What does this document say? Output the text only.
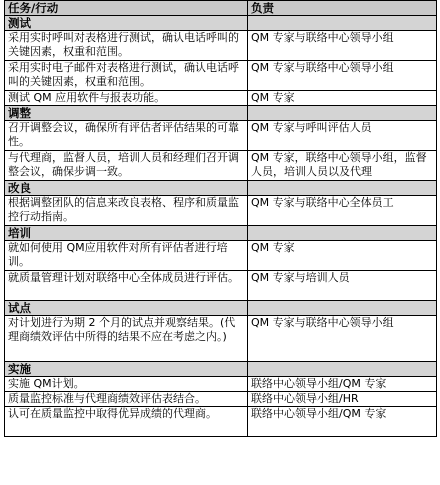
任务/行动	负责
测试	
采用实时呼叫对表格进行测试，确认电话呼叫的关键因素，权重和范围。	QM 专家与联络中心领导小组
采用实时电子邮件对表格进行测试，确认电话呼叫的关键因素，权重和范围。	QM 专家与联络中心领导小组
测试 QM 应用软件与报表功能。	QM 专家
调整	
召开调整会议，确保所有评估者评估结果的可靠性。	QM 专家与呼叫评估人员
与代理商，监督人员，培训人员和经理们召开调整会议，确保步调一致。	QM 专家，联络中心领导小组，监督人员，培训人员以及代理
改良	
根据调整团队的信息来改良表格、程序和质量监控行动指南。	QM 专家与联络中心全体员工
培训	
就如何使用 QM应用软件对所有评估者进行培训。	QM 专家
就质量管理计划对联络中心全体成员进行评估。	QM 专家与培训人员
试点	
对计划进行为期 2 个月的试点并观察结果。(代理商绩效评估中所得的结果不应在考虑之内。)	QM 专家与联络中心领导小组
实施	
实施 QM计划。	联络中心领导小组/QM 专家
质量监控标准与代理商绩效评估表结合。	联络中心领导小组/HR
认可在质量监控中取得优异成绩的代理商。	联络中心领导小组/QM 专家
